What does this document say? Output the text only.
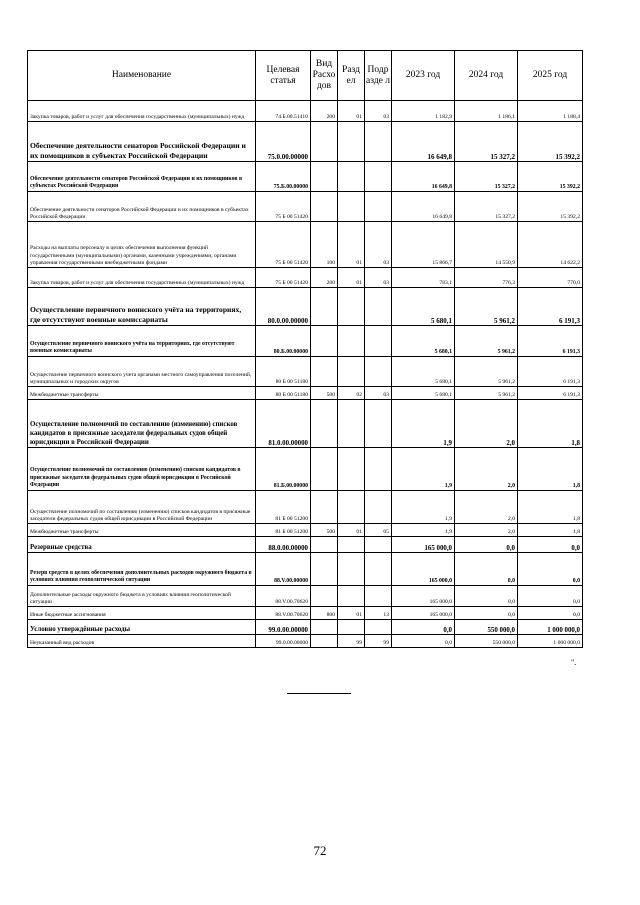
Наименование	Целевая статья	Вид Расхо дов	Разд ел	Подр азде л	2023 год	2024 год	2025 год
Закупка товаров, работ и услуг для обеспечения государственных (муниципальных) нужд	74.Б.00.51410	200	01	03	1 182,9	1 186,1	1 188,4
Обеспечение деятельности сенаторов Российской Федерации и их помощников в субъектах Российской Федерации	75.0.00.00000				16 649,8	15 327,2	15 392,2
Обеспечение деятельности сенаторов Российской Федерации и их помощников в субъектах Российской Федерации	75.Б.00.00000				16 649,8	15 327,2	15 392,2
Обеспечение деятельности сенаторов Российской Федерации и их помощников в субъектах Российской Федерации	75 Б 00 51420				16 649,8	15 327,2	15 392,2
Расходы на выплаты персоналу в целях обеспечения выполнения функций государственными (муниципальными) органами, казенными учреждениями, органами управления государственными внебюджетными фондами	75 Б 00 51420	100	01	03	15 866,7	14 550,9	14 622,2
Закупка товаров, работ и услуг для обеспечения государственных (муниципальных) нужд	75 Б 00 51420	200	01	03	783,1	776,3	770,0
Осуществление первичного воинского учёта на территориях, где отсутствуют военные комиссариаты	80.0.00.00000				5 680,1	5 961,2	6 191,3
Осуществление первичного воинского учёта на территориях, где отсутствуют военные комиссариаты	80.Б.00.00000				5 680,1	5 961,2	6 191,3
Осуществление первичного воинского учета органами местного самоуправления поселений, муниципальных и городских округов	80 Б 00 51180				5 680,1	5 961,2	6 191,3
Межбюджетные трансферты	80 Б 00 51180	500	02	03	5 680,1	5 961,2	6 191,3
Осуществление полномочий по составлению (изменению) списков кандидатов в присяжные заседатели федеральных судов общей юрисдикции в Российской Федерации	81.0.00.00000				1,9	2,0	1,8
Осуществление полномочий по составлению (изменению) списков кандидатов в присяжные заседатели федеральных судов общей юрисдикции в Российской Федерации	81.Б.00.00000				1,9	2,0	1,8
Осуществление полномочий по составлению (изменению) списков кандидатов в присяжные заседатели федеральных судов общей юрисдикции в Российской Федерации	81 Б 00 51200				1,9	2,0	1,8
Межбюджетные трансферты	81 Б 00 51200	500	01	05	1,9	2,0	1,8
Резервные средства	88.0.00.00000				165 000,0	0,0	0,0
Резерв средств в целях обеспечения дополнительных расходов окружного бюджета в условиях влияния геополитической ситуации	88.V.00.00000				165 000,0	0,0	0,0
Дополнительные расходы окружного бюджета в условиях влияния геополитической ситуации	88.V.00.70620				165 000,0	0,0	0,0
Иные бюджетные ассигнования	88.V.00.70620	800	01	13	165 000,0	0,0	0,0
Условно утверждённые расходы	99.0.00.00000				0,0	550 000,0	1 000 000,0
Неуказанный вид расходов	99.0.00.00000		99	99	0,0	550 000,0	1 000 000,0
".
72
